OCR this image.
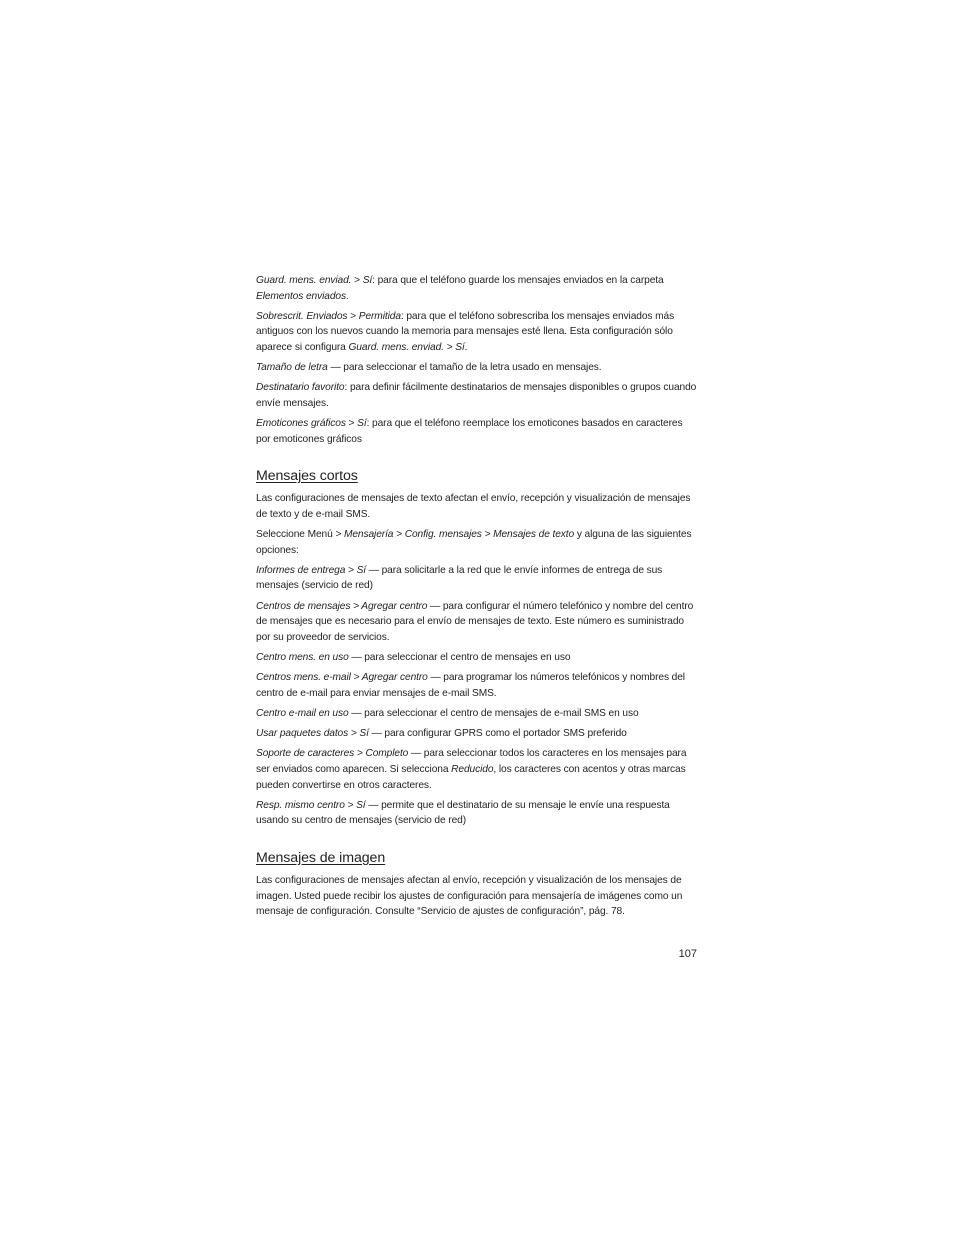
Guard. mens. enviad. > Sí: para que el teléfono guarde los mensajes enviados en la carpeta Elementos enviados.

Sobrescrit. Enviados > Permitida: para que el teléfono sobrescriba los mensajes enviados más antiguos con los nuevos cuando la memoria para mensajes esté llena. Esta configuración sólo aparece si configura Guard. mens. enviad. > Sí.

Tamaño de letra — para seleccionar el tamaño de la letra usado en mensajes.

Destinatario favorito: para definir fácilmente destinatarios de mensajes disponibles o grupos cuando envíe mensajes.

Emoticones gráficos > Sí: para que el teléfono reemplace los emoticones basados en caracteres por emoticones gráficos

Mensajes cortos

Las configuraciones de mensajes de texto afectan el envío, recepción y visualización de mensajes de texto y de e-mail SMS.

Seleccione Menú > Mensajería > Config. mensajes > Mensajes de texto y alguna de las siguientes opciones:

Informes de entrega > Sí — para solicitarle a la red que le envíe informes de entrega de sus mensajes (servicio de red)

Centros de mensajes > Agregar centro — para configurar el número telefónico y nombre del centro de mensajes que es necesario para el envío de mensajes de texto. Este número es suministrado por su proveedor de servicios.

Centro mens. en uso — para seleccionar el centro de mensajes en uso

Centros mens. e-mail > Agregar centro — para programar los números telefónicos y nombres del centro de e-mail para enviar mensajes de e-mail SMS.

Centro e-mail en uso — para seleccionar el centro de mensajes de e-mail SMS en uso

Usar paquetes datos > Sí — para configurar GPRS como el portador SMS preferido

Soporte de caracteres > Completo — para seleccionar todos los caracteres en los mensajes para ser enviados como aparecen. Si selecciona Reducido, los caracteres con acentos y otras marcas pueden convertirse en otros caracteres.

Resp. mismo centro > Sí — permite que el destinatario de su mensaje le envíe una respuesta usando su centro de mensajes (servicio de red)

Mensajes de imagen

Las configuraciones de mensajes afectan al envío, recepción y visualización de los mensajes de imagen. Usted puede recibir los ajustes de configuración para mensajería de imágenes como un mensaje de configuración. Consulte “Servicio de ajustes de configuración”, pág. 78.

107
